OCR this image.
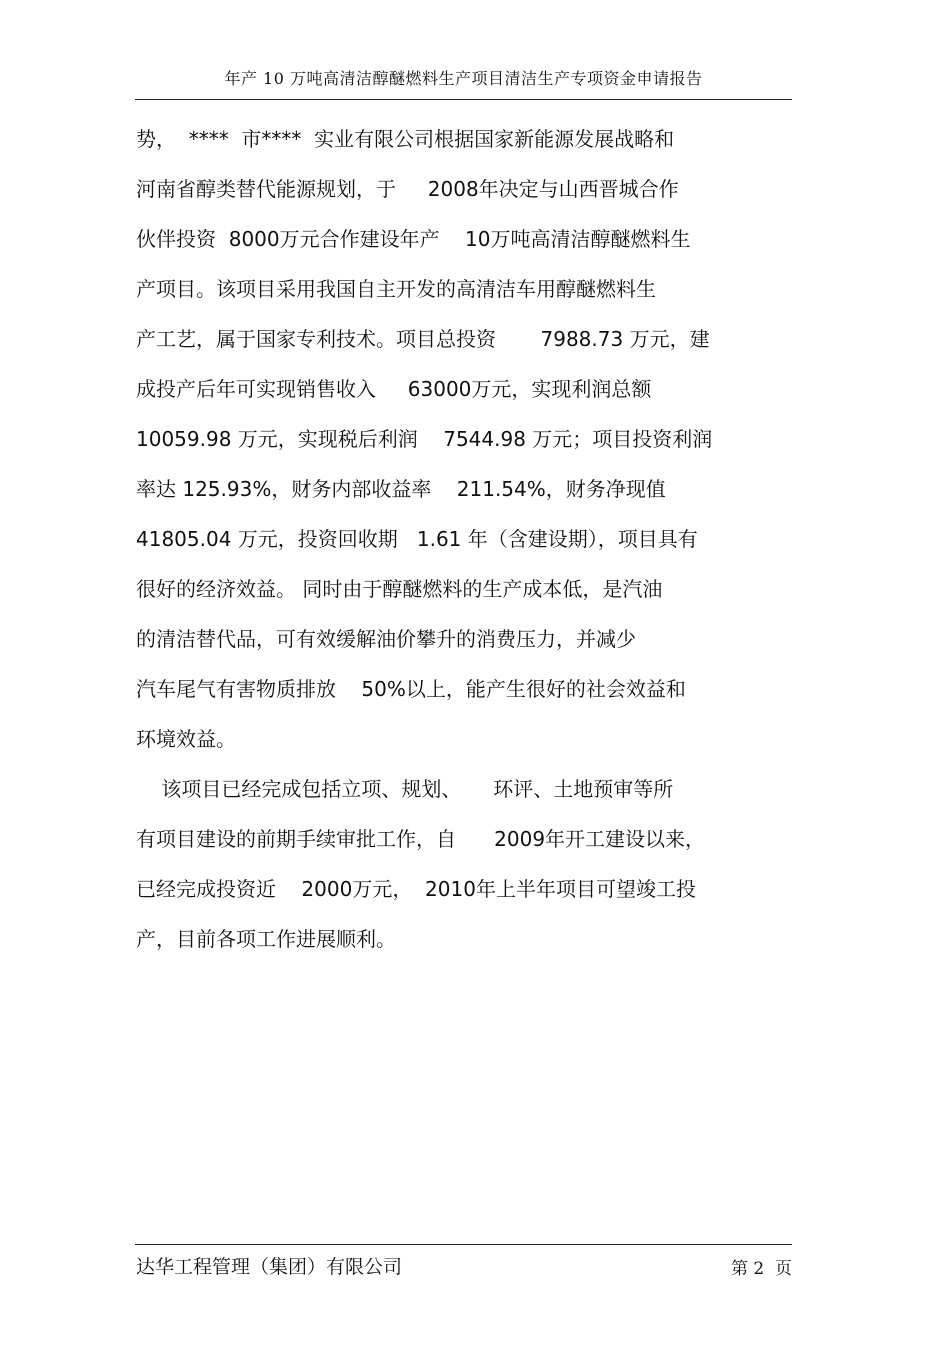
年产 10 万吨高清洁醇醚燃料生产项目清洁生产专项资金申请报告
势，  ****  市****  实业有限公司根据国家新能源发展战略和
河南省醇类替代能源规划，于     2008年决定与山西晋城合作
伙伴投资  8000万元合作建设年产    10万吨高清洁醇醚燃料生
产项目。该项目采用我国自主开发的高清洁车用醇醚燃料生
产工艺，属于国家专利技术。项目总投资       7988.73 万元，建
成投产后年可实现销售收入     63000万元，实现利润总额
10059.98 万元，实现税后利润    7544.98 万元；项目投资利润
率达 125.93%，财务内部收益率    211.54%，财务净现值
41805.04 万元，投资回收期   1.61 年（含建设期），项目具有
很好的经济效益。 同时由于醇醚燃料的生产成本低，是汽油
的清洁替代品，可有效缓解油价攀升的消费压力，并减少
汽车尾气有害物质排放    50%以上，能产生很好的社会效益和
环境效益。
该项目已经完成包括立项、规划、     环评、土地预审等所
有项目建设的前期手续审批工作，自      2009年开工建设以来，
已经完成投资近    2000万元，  2010年上半年项目可望竣工投
产，目前各项工作进展顺利。
达华工程管理（集团）有限公司	第 2  页
